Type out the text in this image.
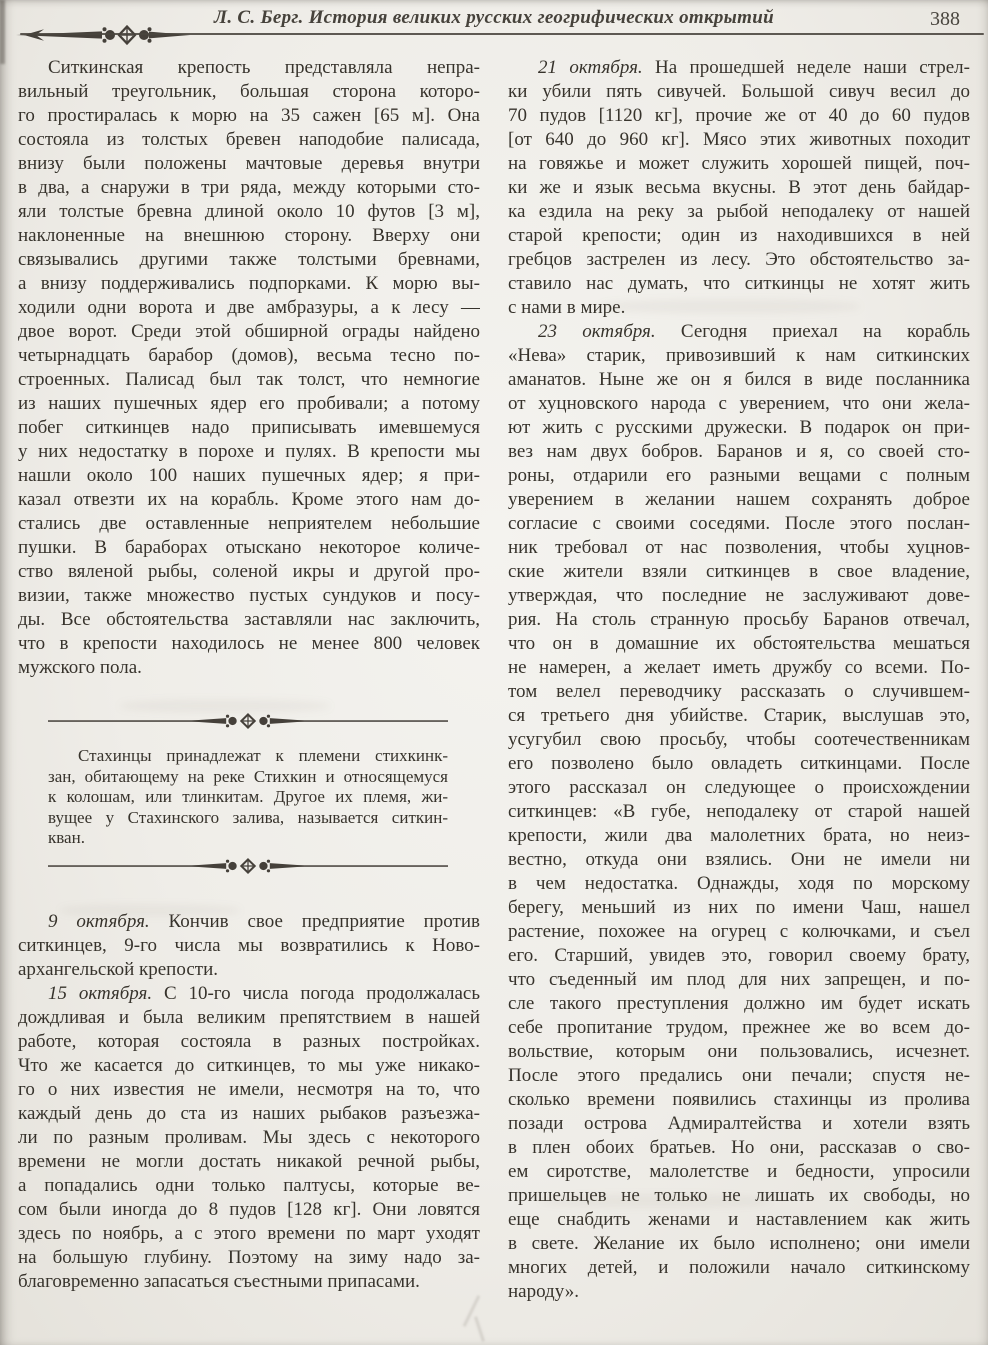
Л. С. Берг. История великих русских геогрифических открытий	388
Ситкинская крепость представляла непра-
вильный треугольник, большая сторона которо-
го простиралась к морю на 35 сажен [65 м]. Она
состояла из толстых бревен наподобие палисада,
внизу были положены мачтовые деревья внутри
в два, а снаружи в три ряда, между которыми сто-
яли толстые бревна длиной около 10 футов [3 м],
наклоненные на внешнюю сторону. Вверху они
связывались другими также толстыми бревнами,
а внизу поддерживались подпорками. К морю вы-
ходили одни ворота и две амбразуры, а к лесу —
двое ворот. Среди этой обширной ограды найдено
четырнадцать барабор (домов), весьма тесно по-
строенных. Палисад был так толст, что немногие
из наших пушечных ядер его пробивали; а потому
побег ситкинцев надо приписывать имевшемуся
у них недостатку в порохе и пулях. В крепости мы
нашли около 100 наших пушечных ядер; я при-
казал отвезти их на корабль. Кроме этого нам до-
стались две оставленные неприятелем небольшие
пушки. В бараборах отыскано некоторое количе-
ство вяленой рыбы, соленой икры и другой про-
визии, также множество пустых сундуков и посу-
ды. Все обстоятельства заставляли нас заключить,
что в крепости находилось не менее 800 человек
мужского пола.
Стахинцы принадлежат к племени стихкинк-
зан, обитающему на реке Стихкин и относящемуся
к колошам, или тлинкитам. Другое их племя, жи-
вущее у Стахинского залива, называется ситкин-
кван.
9 октября. Кончив свое предприятие против
ситкинцев, 9-го числа мы возвратились к Ново-
архангельской крепости.
15 октября. С 10-го числа погода продолжалась
дождливая и была великим препятствием в нашей
работе, которая состояла в разных постройках.
Что же касается до ситкинцев, то мы уже никако-
го о них известия не имели, несмотря на то, что
каждый день до ста из наших рыбаков разъезжа-
ли по разным проливам. Мы здесь с некоторого
времени не могли достать никакой речной рыбы,
а попадались одни только палтусы, которые ве-
сом были иногда до 8 пудов [128 кг]. Они ловятся
здесь по ноябрь, а с этого времени по март уходят
на большую глубину. Поэтому на зиму надо за-
благовременно запасаться съестными припасами.
21 октября. На прошедшей неделе наши стрел-
ки убили пять сивучей. Большой сивуч весил до
70 пудов [1120 кг], прочие же от 40 до 60 пудов
[от 640 до 960 кг]. Мясо этих животных походит
на говяжье и может служить хорошей пищей, поч-
ки же и язык весьма вкусны. В этот день байдар-
ка ездила на реку за рыбой неподалеку от нашей
старой крепости; один из находившихся в ней
гребцов застрелен из лесу. Это обстоятельство за-
ставило нас думать, что ситкинцы не хотят жить
с нами в мире.
23 октября. Сегодня приехал на корабль
«Нева» старик, привозивший к нам ситкинских
аманатов. Ныне же он я бился в виде посланника
от хуцновского народа с уверением, что они жела-
ют жить с русскими дружески. В подарок он при-
вез нам двух бобров. Баранов и я, со своей сто-
роны, отдарили его разными вещами с полным
уверением в желании нашем сохранять доброе
согласие с своими соседями. После этого послан-
ник требовал от нас позволения, чтобы хуцнов-
ские жители взяли ситкинцев в свое владение,
утверждая, что последние не заслуживают дове-
рия. На столь странную просьбу Баранов отвечал,
что он в домашние их обстоятельства мешаться
не намерен, а желает иметь дружбу со всеми. По-
том велел переводчику рассказать о случившем-
ся третьего дня убийстве. Старик, выслушав это,
усугубил свою просьбу, чтобы соотечественникам
его позволено было овладеть ситкинцами. После
этого рассказал он следующее о происхождении
ситкинцев: «В губе, неподалеку от старой нашей
крепости, жили два малолетних брата, но неиз-
вестно, откуда они взялись. Они не имели ни
в чем недостатка. Однажды, ходя по морскому
берегу, меньший из них по имени Чаш, нашел
растение, похожее на огурец с колючками, и съел
его. Старший, увидев это, говорил своему брату,
что съеденный им плод для них запрещен, и по-
сле такого преступления должно им будет искать
себе пропитание трудом, прежнее же во всем до-
вольствие, которым они пользовались, исчезнет.
После этого предались они печали; спустя не-
сколько времени появились стахинцы из пролива
позади острова Адмиралтейства и хотели взять
в плен обоих братьев. Но они, рассказав о сво-
ем сиротстве, малолетстве и бедности, упросили
пришельцев не только не лишать их свободы, но
еще снабдить женами и наставлением как жить
в свете. Желание их было исполнено; они имели
многих детей, и положили начало ситкинскому
народу».
